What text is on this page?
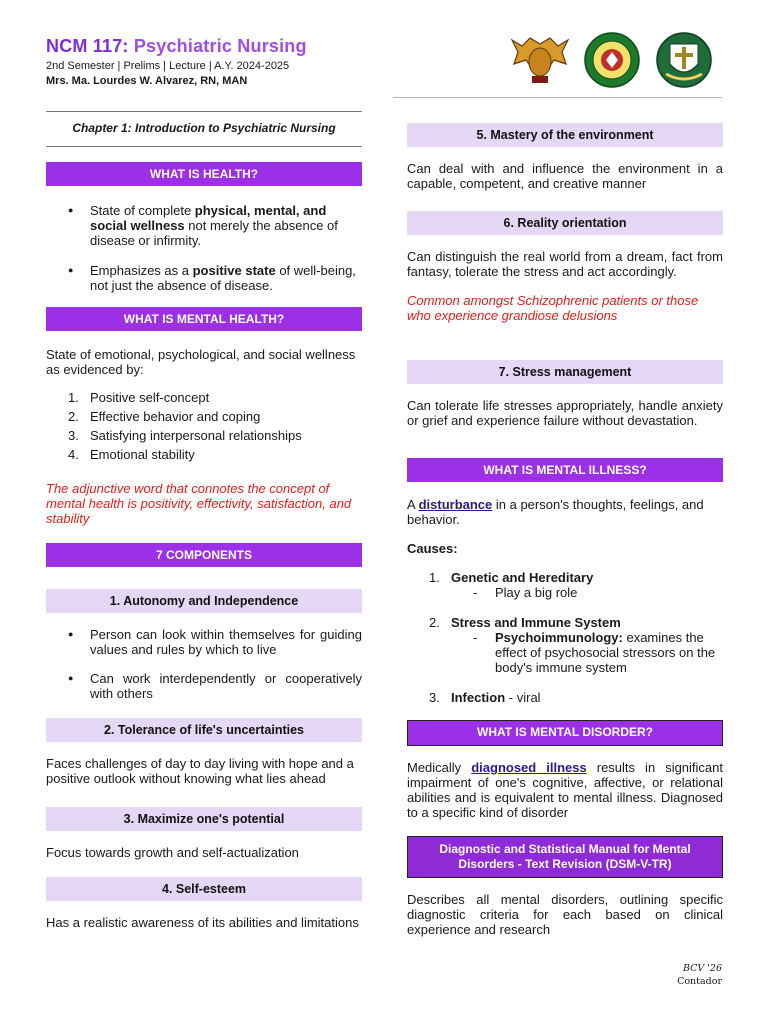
NCM 117: Psychiatric Nursing
2nd Semester | Prelims | Lecture | A.Y. 2024-2025
Mrs. Ma. Lourdes W. Alvarez, RN, MAN
Chapter 1: Introduction to Psychiatric Nursing
WHAT IS HEALTH?
● State of complete physical, mental, and social wellness not merely the absence of disease or infirmity.
● Emphasizes as a positive state of well-being, not just the absence of disease.
WHAT IS MENTAL HEALTH?
State of emotional, psychological, and social wellness as evidenced by:
Positive self-concept
Effective behavior and coping
Satisfying interpersonal relationships
Emotional stability
The adjunctive word that connotes the concept of mental health is positivity, effectivity, satisfaction, and stability
7 COMPONENTS
1. Autonomy and Independence
● Person can look within themselves for guiding values and rules by which to live
● Can work interdependently or cooperatively with others
2. Tolerance of life's uncertainties
Faces challenges of day to day living with hope and a positive outlook without knowing what lies ahead
3. Maximize one's potential
Focus towards growth and self-actualization
4. Self-esteem
Has a realistic awareness of its abilities and limitations
5. Mastery of the environment
Can deal with and influence the environment in a capable, competent, and creative manner
6. Reality orientation
Can distinguish the real world from a dream, fact from fantasy, tolerate the stress and act accordingly.
Common amongst Schizophrenic patients or those who experience grandiose delusions
7. Stress management
Can tolerate life stresses appropriately, handle anxiety or grief and experience failure without devastation.
WHAT IS MENTAL ILLNESS?
A disturbance in a person's thoughts, feelings, and behavior.
Causes:
Genetic and Hereditary
- Play a big role
Stress and Immune System
- Psychoimmunology: examines the effect of psychosocial stressors on the body's immune system
Infection - viral
WHAT IS MENTAL DISORDER?
Medically diagnosed illness results in significant impairment of one's cognitive, affective, or relational abilities and is equivalent to mental illness. Diagnosed to a specific kind of disorder
Diagnostic and Statistical Manual for Mental Disorders - Text Revision (DSM-V-TR)
Describes all mental disorders, outlining specific diagnostic criteria for each based on clinical experience and research
BCV '26
Contador
